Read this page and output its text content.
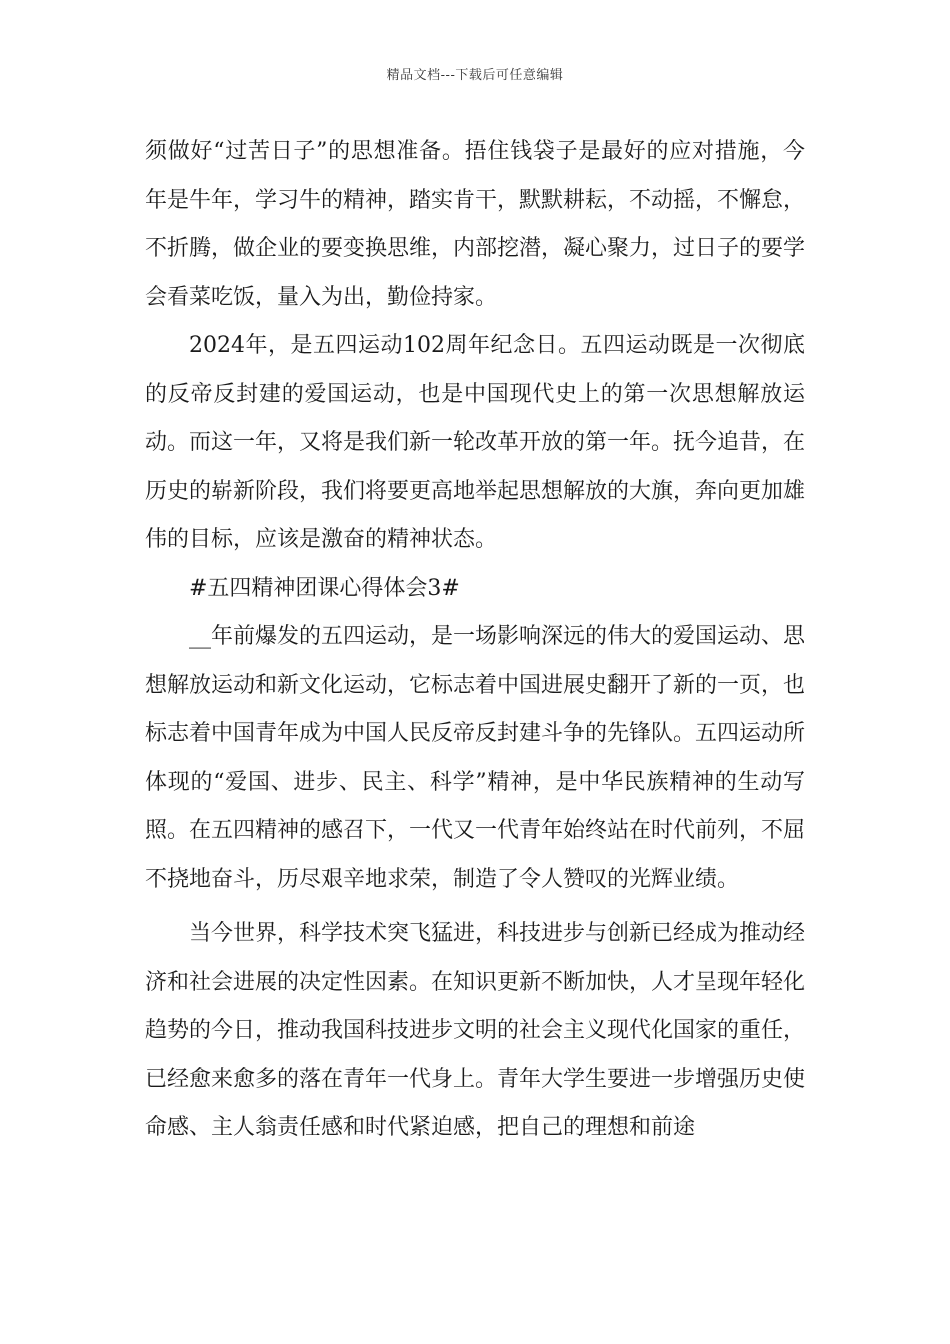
精品文档---下载后可任意编辑

须做好“过苦日子”的思想准备。捂住钱袋子是最好的应对措施，今年是牛年，学习牛的精神，踏实肯干，默默耕耘，不动摇，不懈怠，不折腾，做企业的要变换思维，内部挖潜，凝心聚力，过日子的要学会看菜吃饭，量入为出，勤俭持家。

2024年，是五四运动102周年纪念日。五四运动既是一次彻底的反帝反封建的爱国运动，也是中国现代史上的第一次思想解放运动。而这一年，又将是我们新一轮改革开放的第一年。抚今追昔，在历史的崭新阶段，我们将要更高地举起思想解放的大旗，奔向更加雄伟的目标，应该是激奋的精神状态。

#五四精神团课心得体会3#

__年前爆发的五四运动，是一场影响深远的伟大的爱国运动、思想解放运动和新文化运动，它标志着中国进展史翻开了新的一页，也标志着中国青年成为中国人民反帝反封建斗争的先锋队。五四运动所体现的“爱国、进步、民主、科学”精神，是中华民族精神的生动写照。在五四精神的感召下，一代又一代青年始终站在时代前列，不屈不挠地奋斗，历尽艰辛地求荣，制造了令人赞叹的光辉业绩。

当今世界，科学技术突飞猛进，科技进步与创新已经成为推动经济和社会进展的决定性因素。在知识更新不断加快，人才呈现年轻化趋势的今日，推动我国科技进步文明的社会主义现代化国家的重任，已经愈来愈多的落在青年一代身上。青年大学生要进一步增强历史使命感、主人翁责任感和时代紧迫感，把自己的理想和前途
